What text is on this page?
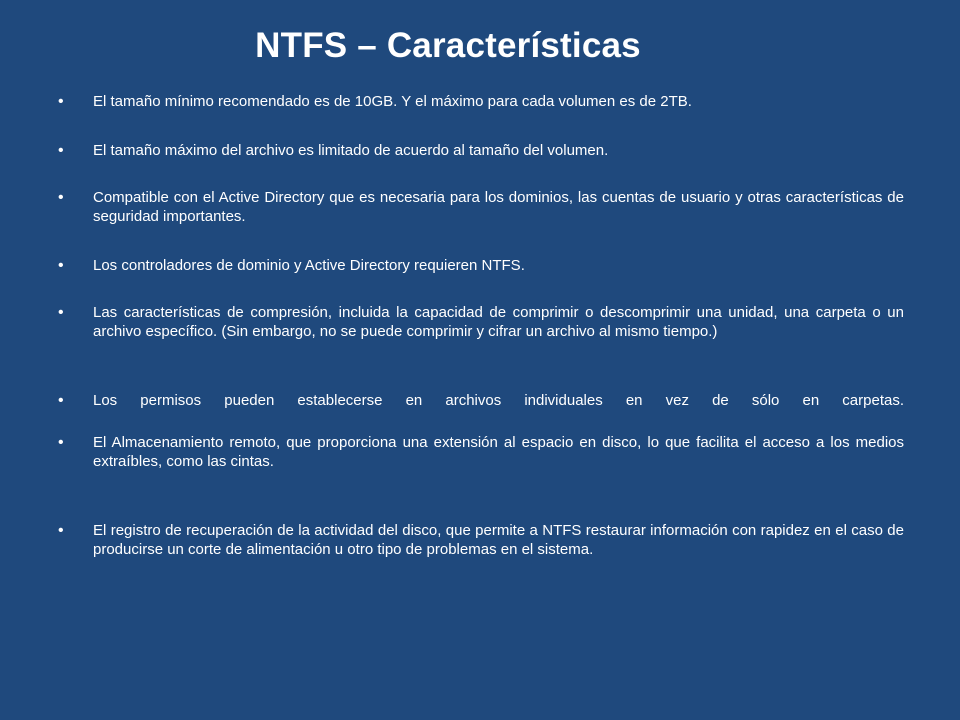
NTFS – Características
• El tamaño mínimo recomendado es de 10GB. Y el máximo para cada volumen es de 2TB.
• El tamaño máximo del archivo es limitado de acuerdo al tamaño del volumen.
• Compatible con el Active Directory que es necesaria para los dominios, las cuentas de usuario y otras características de seguridad importantes.
• Los controladores de dominio y Active Directory requieren NTFS.
• Las características de compresión, incluida la capacidad de comprimir o descomprimir una unidad, una carpeta o un archivo específico. (Sin embargo, no se puede comprimir y cifrar un archivo al mismo tiempo.)
• Los permisos pueden establecerse en archivos individuales en vez de sólo en carpetas.
• El Almacenamiento remoto, que proporciona una extensión al espacio en disco, lo que facilita el acceso a los medios extraíbles, como las cintas.
• El registro de recuperación de la actividad del disco, que permite a NTFS restaurar información con rapidez en el caso de producirse un corte de alimentación u otro tipo de problemas en el sistema.
